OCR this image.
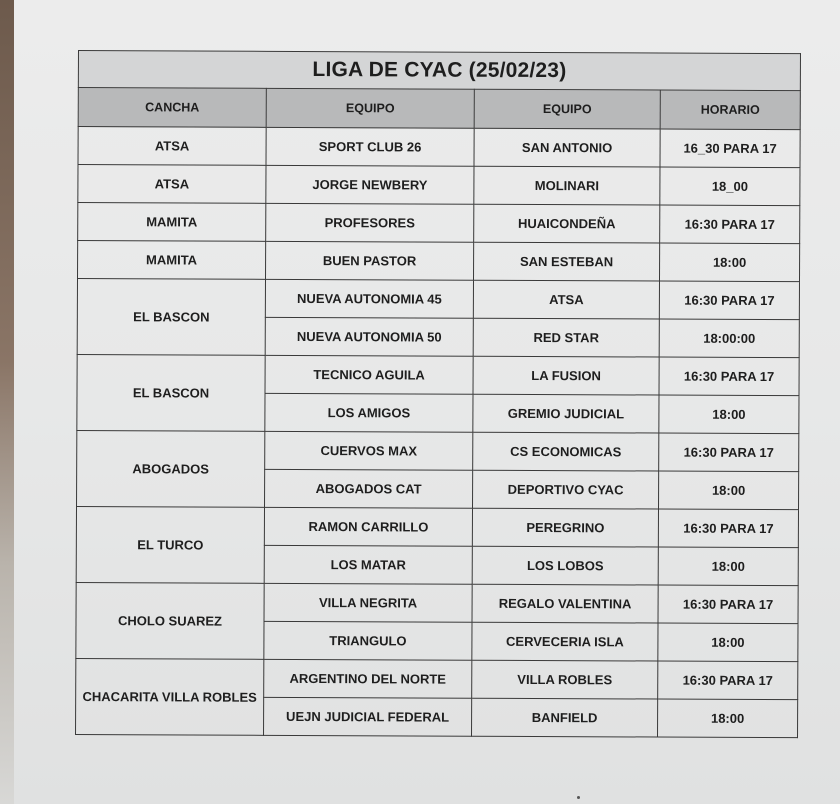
LIGA DE CYAC (25/02/23)			
CANCHA	EQUIPO	EQUIPO	HORARIO
ATSA	SPORT CLUB 26	SAN ANTONIO	16_30 PARA 17
ATSA	JORGE NEWBERY	MOLINARI	18_00
MAMITA	PROFESORES	HUAICONDEÑA	16:30 PARA 17
MAMITA	BUEN PASTOR	SAN ESTEBAN	18:00
EL BASCON	NUEVA AUTONOMIA 45	ATSA	16:30 PARA 17
	NUEVA AUTONOMIA 50	RED STAR	18:00:00
EL BASCON	TECNICO AGUILA	LA FUSION	16:30 PARA 17
	LOS AMIGOS	GREMIO JUDICIAL	18:00
ABOGADOS	CUERVOS MAX	CS ECONOMICAS	16:30 PARA 17
	ABOGADOS CAT	DEPORTIVO CYAC	18:00
EL TURCO	RAMON CARRILLO	PEREGRINO	16:30 PARA 17
	LOS MATAR	LOS LOBOS	18:00
CHOLO SUAREZ	VILLA NEGRITA	REGALO VALENTINA	16:30 PARA 17
	TRIANGULO	CERVECERIA ISLA	18:00
CHACARITA VILLA ROBLES	ARGENTINO DEL NORTE	VILLA ROBLES	16:30 PARA 17
	UEJN JUDICIAL FEDERAL	BANFIELD	18:00
